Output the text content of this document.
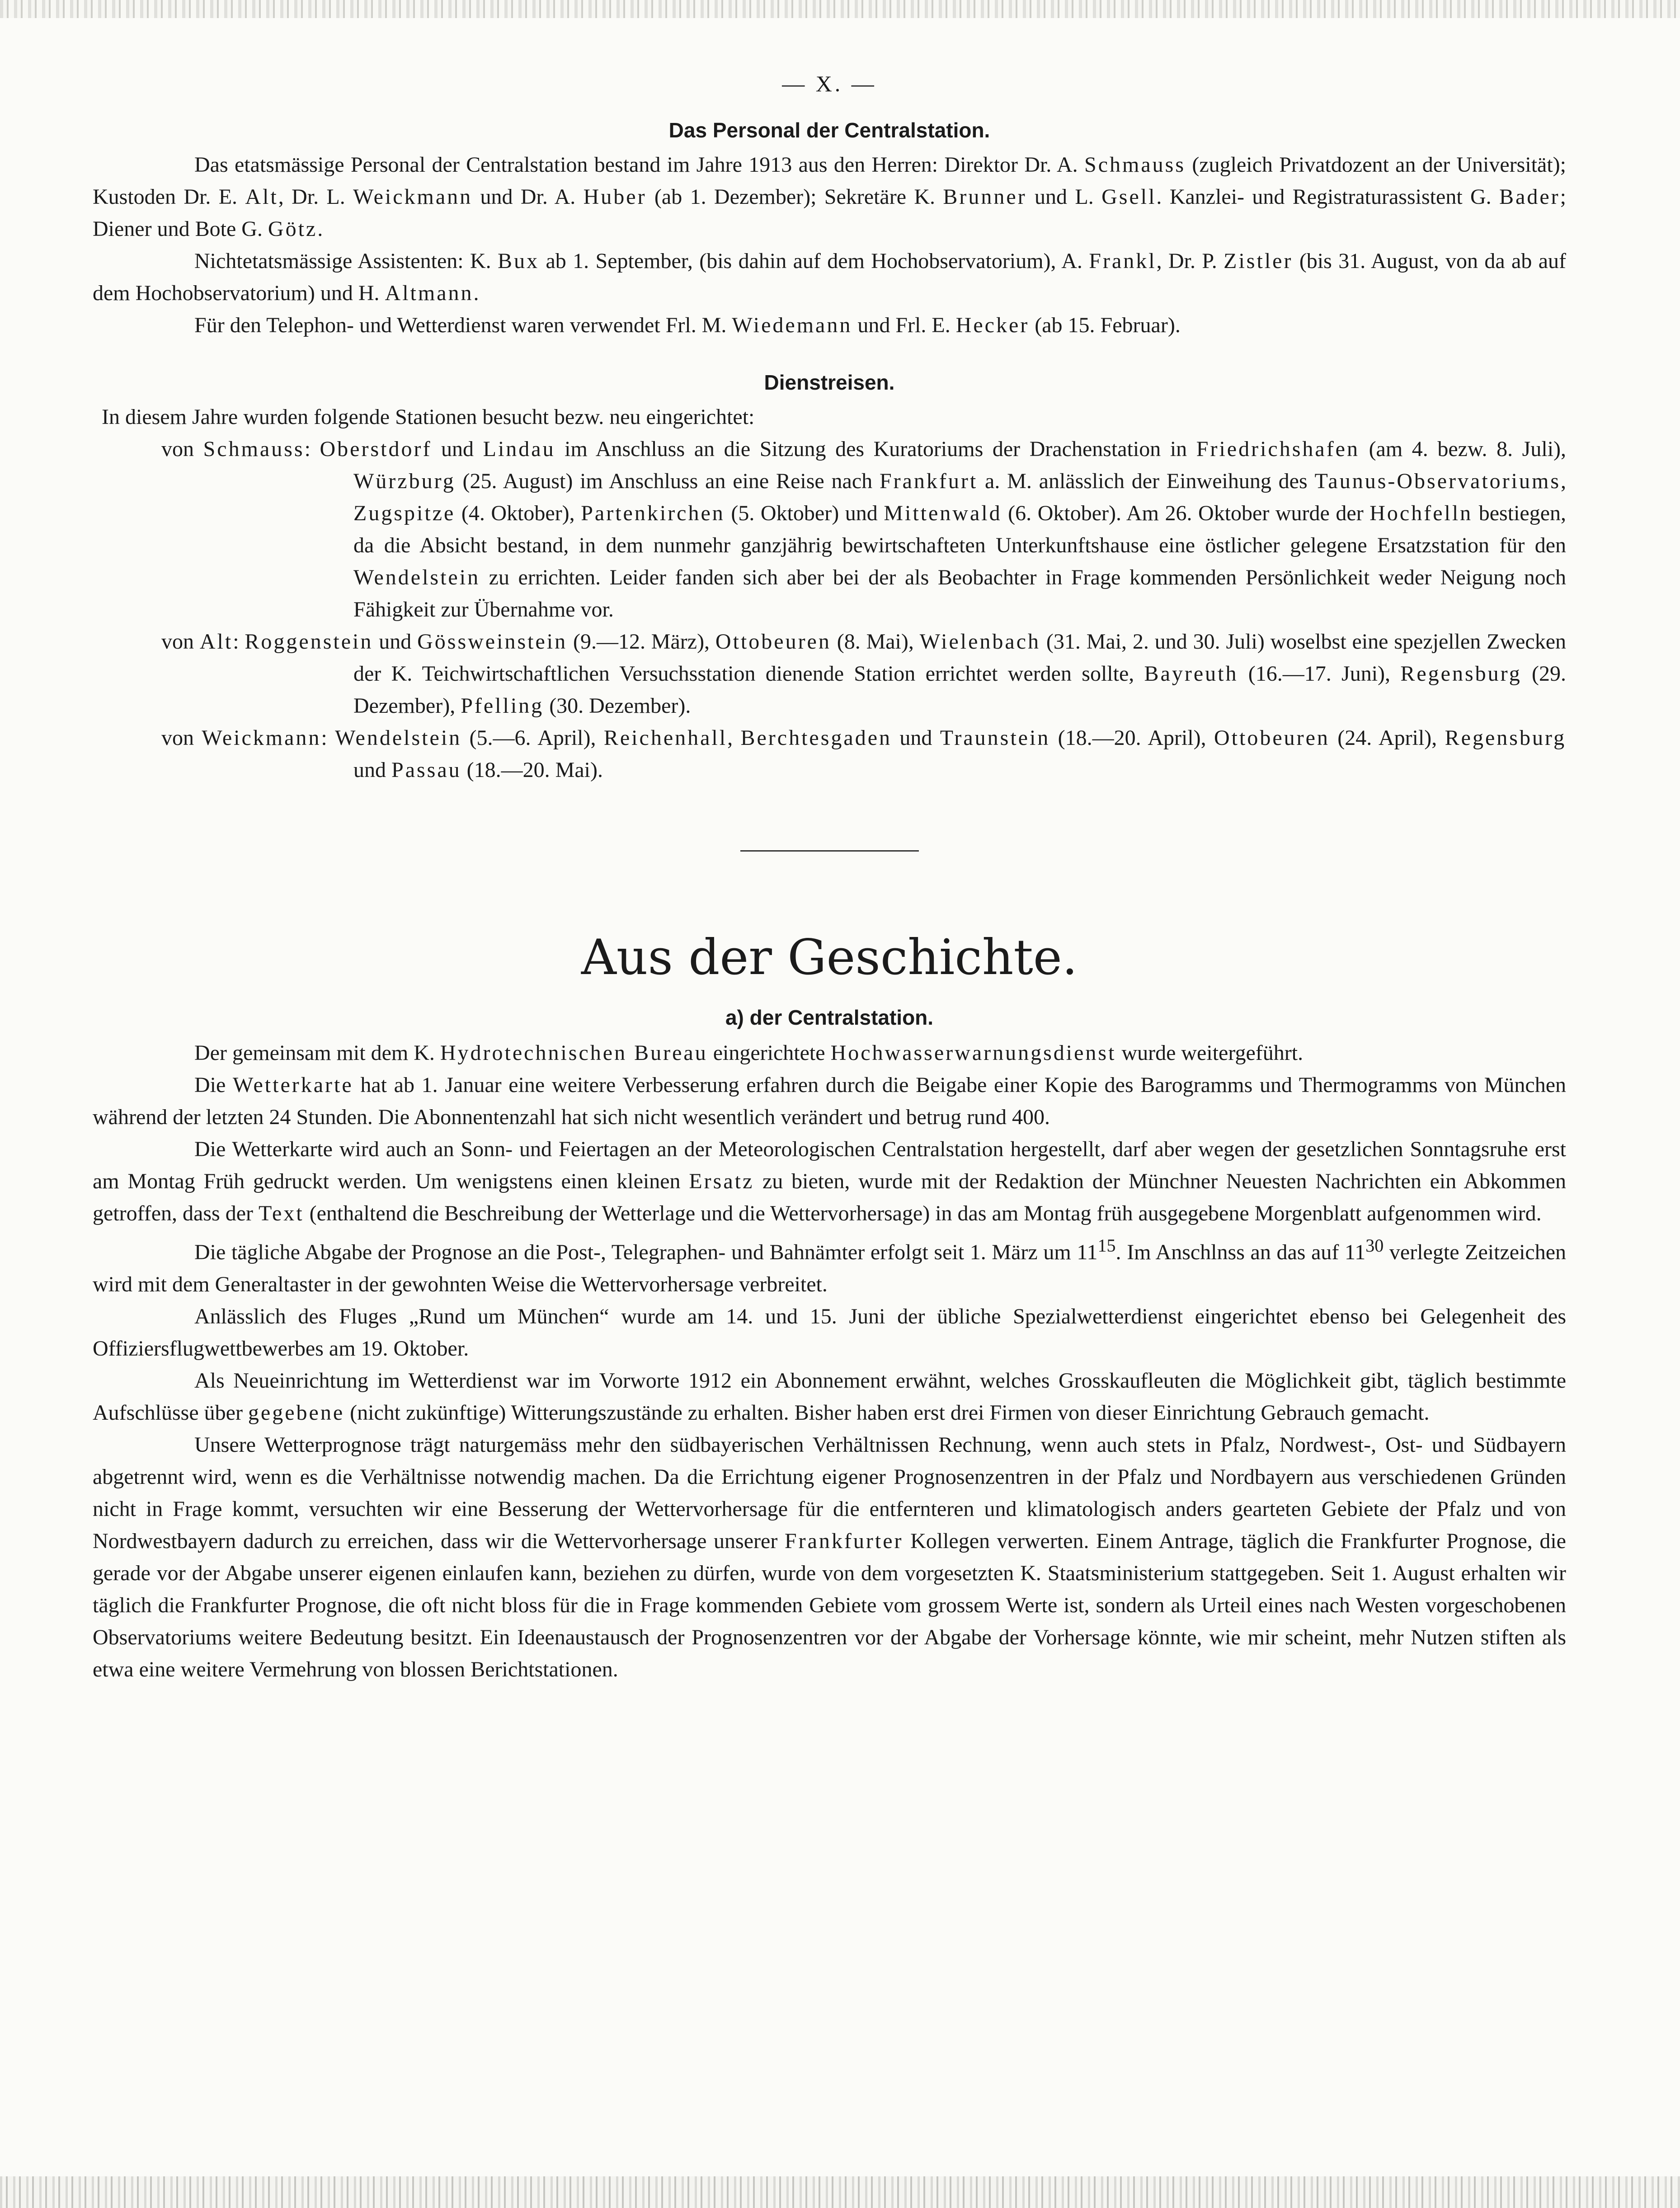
— X. —
Das Personal der Centralstation.

Das etatsmässige Personal der Centralstation bestand im Jahre 1913 aus den Herren: Direktor Dr. A. Schmauss (zugleich Privatdozent an der Universität); Kustoden Dr. E. Alt, Dr. L. Weickmann und Dr. A. Huber (ab 1. Dezember); Sekretäre K. Brunner und L. Gsell. Kanzlei- und Registraturassistent G. Bader; Diener und Bote G. Götz.

Nichtetatsmässige Assistenten: K. Bux ab 1. September, (bis dahin auf dem Hochobservatorium), A. Frankl, Dr. P. Zistler (bis 31. August, von da ab auf dem Hochobservatorium) und H. Altmann.

Für den Telephon- und Wetterdienst waren verwendet Frl. M. Wiedemann und Frl. E. Hecker (ab 15. Februar).

Dienstreisen.

In diesem Jahre wurden folgende Stationen besucht bezw. neu eingerichtet:

von Schmauss: Oberstdorf und Lindau im Anschluss an die Sitzung des Kuratoriums der Drachenstation in Friedrichshafen (am 4. bezw. 8. Juli), Würzburg (25. August) im Anschluss an eine Reise nach Frankfurt a. M. anlässlich der Einweihung des Taunus-Observatoriums, Zugspitze (4. Oktober), Partenkirchen (5. Oktober) und Mittenwald (6. Oktober). Am 26. Oktober wurde der Hochfelln bestiegen, da die Absicht bestand, in dem nunmehr ganzjährig bewirtschafteten Unterkunftshause eine östlicher gelegene Ersatzstation für den Wendelstein zu errichten. Leider fanden sich aber bei der als Beobachter in Frage kommenden Persönlichkeit weder Neigung noch Fähigkeit zur Übernahme vor.
von Alt: Roggenstein und Gössweinstein (9.—12. März), Ottobeuren (8. Mai), Wielenbach (31. Mai, 2. und 30. Juli) woselbst eine spezjellen Zwecken der K. Teichwirtschaftlichen Versuchsstation dienende Station errichtet werden sollte, Bayreuth (16.—17. Juni), Regensburg (29. Dezember), Pfelling (30. Dezember).
von Weickmann: Wendelstein (5.—6. April), Reichenhall, Berchtesgaden und Traunstein (18.—20. April), Ottobeuren (24. April), Regensburg und Passau (18.—20. Mai).
Aus der Geschichte.
a) der Centralstation.

Der gemeinsam mit dem K. Hydrotechnischen Bureau eingerichtete Hochwasserwarnungsdienst wurde weitergeführt.

Die Wetterkarte hat ab 1. Januar eine weitere Verbesserung erfahren durch die Beigabe einer Kopie des Barogramms und Thermogramms von München während der letzten 24 Stunden. Die Abonnentenzahl hat sich nicht wesentlich verändert und betrug rund 400.

Die Wetterkarte wird auch an Sonn- und Feiertagen an der Meteorologischen Centralstation hergestellt, darf aber wegen der gesetzlichen Sonntagsruhe erst am Montag Früh gedruckt werden. Um wenigstens einen kleinen Ersatz zu bieten, wurde mit der Redaktion der Münchner Neuesten Nachrichten ein Abkommen getroffen, dass der Text (enthaltend die Beschreibung der Wetterlage und die Wettervorhersage) in das am Montag früh ausgegebene Morgenblatt aufgenommen wird.

Die tägliche Abgabe der Prognose an die Post-, Telegraphen- und Bahnämter erfolgt seit 1. März um $11^{15}$. Im Anschlnss an das auf $11^{30}$ verlegte Zeitzeichen wird mit dem Generaltaster in der gewohnten Weise die Wettervorhersage verbreitet.

Anlässlich des Fluges „Rund um München“ wurde am 14. und 15. Juni der übliche Spezialwetterdienst eingerichtet ebenso bei Gelegenheit des Offiziersflugwettbewerbes am 19. Oktober.

Als Neueinrichtung im Wetterdienst war im Vorworte 1912 ein Abonnement erwähnt, welches Grosskaufleuten die Möglichkeit gibt, täglich bestimmte Aufschlüsse über gegebene (nicht zukünftige) Witterungszustände zu erhalten. Bisher haben erst drei Firmen von dieser Einrichtung Gebrauch gemacht.

Unsere Wetterprognose trägt naturgemäss mehr den südbayerischen Verhältnissen Rechnung, wenn auch stets in Pfalz, Nordwest-, Ost- und Südbayern abgetrennt wird, wenn es die Verhältnisse notwendig machen. Da die Errichtung eigener Prognosenzentren in der Pfalz und Nordbayern aus verschiedenen Gründen nicht in Frage kommt, versuchten wir eine Besserung der Wettervorhersage für die entfernteren und klimatologisch anders gearteten Gebiete der Pfalz und von Nordwestbayern dadurch zu erreichen, dass wir die Wettervorhersage unserer Frankfurter Kollegen verwerten. Einem Antrage, täglich die Frankfurter Prognose, die gerade vor der Abgabe unserer eigenen einlaufen kann, beziehen zu dürfen, wurde von dem vorgesetzten K. Staatsministerium stattgegeben. Seit 1. August erhalten wir täglich die Frankfurter Prognose, die oft nicht bloss für die in Frage kommenden Gebiete vom grossem Werte ist, sondern als Urteil eines nach Westen vorgeschobenen Observatoriums weitere Bedeutung besitzt. Ein Ideenaustausch der Prognosenzentren vor der Abgabe der Vorhersage könnte, wie mir scheint, mehr Nutzen stiften als etwa eine weitere Vermehrung von blossen Berichtstationen.
